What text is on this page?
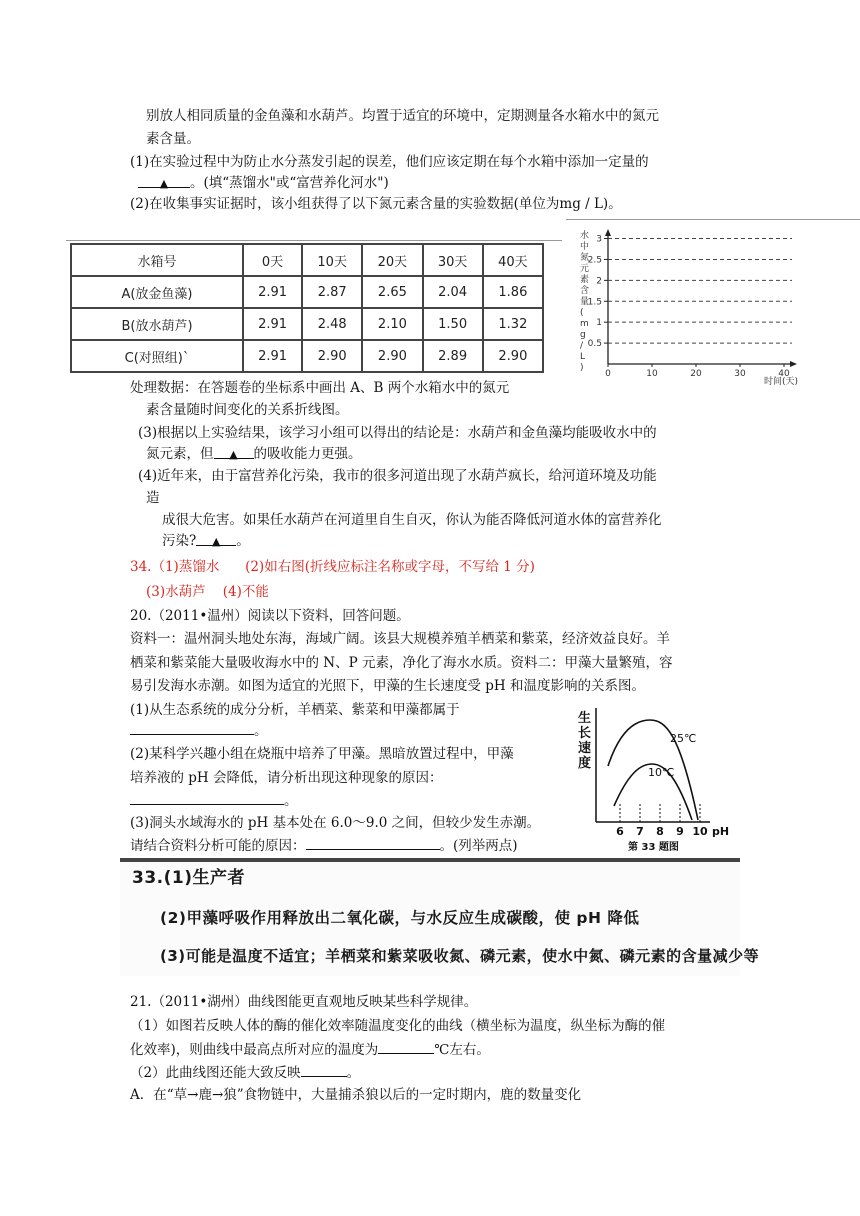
别放人相同质量的金鱼藻和水葫芦。均置于适宜的环境中，定期测量各水箱水中的氮元
素含量。
(1)在实验过程中为防止水分蒸发引起的误差，他们应该定期在每个水箱中添加一定量的
▲ 。(填“蒸馏水"或“富营养化河水")
(2)在收集事实证据时，该小组获得了以下氮元素含量的实验数据(单位为mg / L)。
水箱号	0天	10天	20天	30天	40天
A(放金鱼藻)	2.91	2.87	2.65	2.04	1.86
B(放水葫芦)	2.91	2.48	2.10	1.50	1.32
C(对照组)`	2.91	2.90	2.90	2.89	2.90
水中氮元素含量( m g / L )
0.5
1
1.5
2
2.5
3
0	10	20	30	40
时间(天)
处理数据：在答题卷的坐标系中画出 A、B 两个水箱水中的氮元
素含量随时间变化的关系折线图。
(3)根据以上实验结果，该学习小组可以得出的结论是：水葫芦和金鱼藻均能吸收水中的
氮元素，但 ▲ 的吸收能力更强。
(4)近年来，由于富营养化污染，我市的很多河道出现了水葫芦疯长，给河道环境及功能
造
成很大危害。如果任水葫芦在河道里自生自灭，你认为能否降低河道水体的富营养化
污染? ▲ 。
34.（1)蒸馏水      (2)如右图(折线应标注名称或字母，不写给 1 分)
(3)水葫芦    (4)不能
20.（2011•温州）阅读以下资料，回答问题。
资料一：温州洞头地处东海，海域广阔。该县大规模养殖羊栖菜和紫菜，经济效益良好。羊
栖菜和紫菜能大量吸收海水中的 N、P 元素，净化了海水水质。资料二：甲藻大量繁殖，容
易引发海水赤潮。如图为适宜的光照下，甲藻的生长速度受 pH 和温度影响的关系图。
(1)从生态系统的成分分析，羊栖菜、紫菜和甲藻都属于
。
(2)某科学兴趣小组在烧瓶中培养了甲藻。黑暗放置过程中，甲藻
培养液的 pH 会降低，请分析出现这种现象的原因：
。
(3)洞头水域海水的 pH 基本处在 6.0～9.0 之间，但较少发生赤潮。
请结合资料分析可能的原因：	。(列举两点)
生
长
速
度
25℃
10℃
6 7 8 9 10 pH
第 33 题图
33.(1)生产者
(2)甲藻呼吸作用释放出二氧化碳，与水反应生成碳酸，使 pH 降低
(3)可能是温度不适宜；羊栖菜和紫菜吸收氮、磷元素，使水中氮、磷元素的含量减少等
21.（2011•湖州）曲线图能更直观地反映某些科学规律。
（1）如图若反映人体的酶的催化效率随温度变化的曲线（横坐标为温度，纵坐标为酶的催
化效率)，则曲线中最高点所对应的温度为	℃左右。
（2）此曲线图还能大致反映	。
A．在“草→鹿→狼”食物链中，大量捕杀狼以后的一定时期内，鹿的数量变化
